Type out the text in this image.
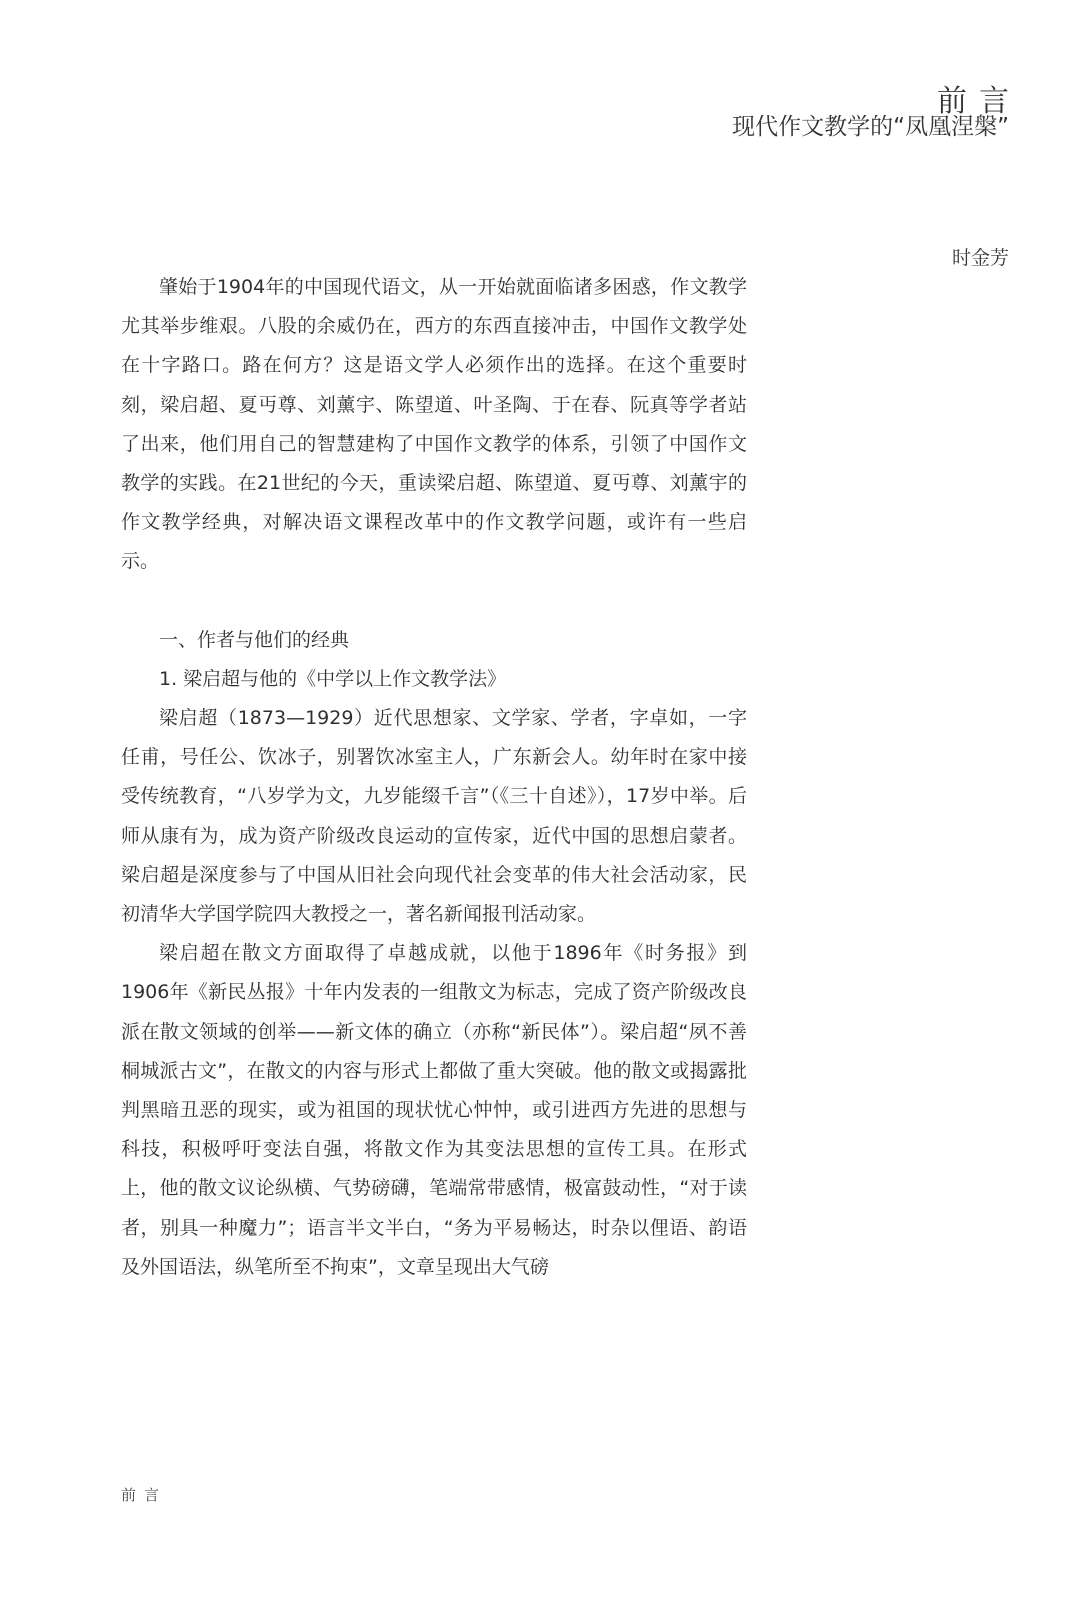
前言
现代作文教学的“凤凰涅槃”
时金芳

肇始于1904年的中国现代语文，从一开始就面临诸多困惑，作文教学尤其举步维艰。八股的余威仍在，西方的东西直接冲击，中国作文教学处在十字路口。路在何方？这是语文学人必须作出的选择。在这个重要时刻，梁启超、夏丏尊、刘薰宇、陈望道、叶圣陶、于在春、阮真等学者站了出来，他们用自己的智慧建构了中国作文教学的体系，引领了中国作文教学的实践。在21世纪的今天，重读梁启超、陈望道、夏丏尊、刘薰宇的作文教学经典，对解决语文课程改革中的作文教学问题，或许有一些启示。

一、作者与他们的经典

1. 梁启超与他的《中学以上作文教学法》

梁启超（1873—1929）近代思想家、文学家、学者，字卓如，一字任甫，号任公、饮冰子，别署饮冰室主人，广东新会人。幼年时在家中接受传统教育，“八岁学为文，九岁能缀千言”（《三十自述》），17岁中举。后师从康有为，成为资产阶级改良运动的宣传家，近代中国的思想启蒙者。梁启超是深度参与了中国从旧社会向现代社会变革的伟大社会活动家，民初清华大学国学院四大教授之一，著名新闻报刊活动家。

梁启超在散文方面取得了卓越成就，以他于1896年《时务报》到1906年《新民丛报》十年内发表的一组散文为标志，完成了资产阶级改良派在散文领域的创举——新文体的确立（亦称“新民体”）。梁启超“夙不善桐城派古文”，在散文的内容与形式上都做了重大突破。他的散文或揭露批判黑暗丑恶的现实，或为祖国的现状忧心忡忡，或引进西方先进的思想与科技，积极呼吁变法自强，将散文作为其变法思想的宣传工具。在形式上，他的散文议论纵横、气势磅礴，笔端常带感情，极富鼓动性，“对于读者，别具一种魔力”；语言半文半白，“务为平易畅达，时杂以俚语、韵语及外国语法，纵笔所至不拘束”，文章呈现出大气磅

前言
